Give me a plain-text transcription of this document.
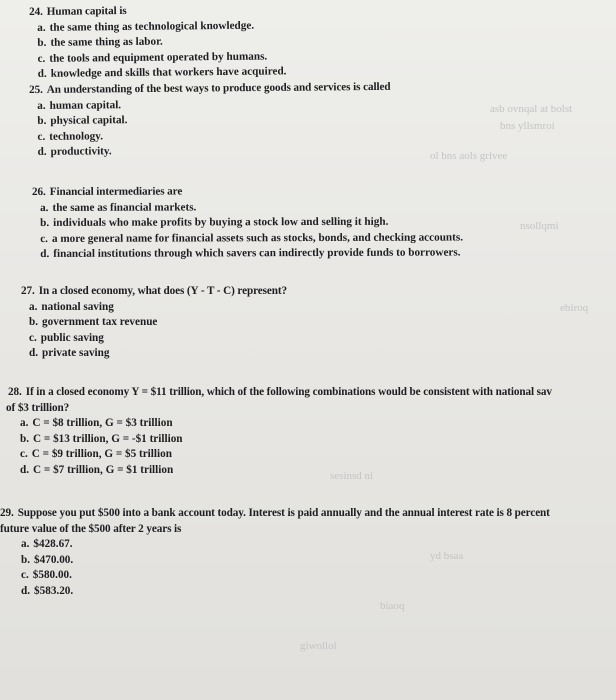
asb ovnqal at bolst
bns yllsmroi
ol bns aols grivee
nsollqmi
ebiroq
sesinsd ni
yd bsaa
biaoq
giwollol
24. Human capital is
a. the same thing as technological knowledge.
b. the same thing as labor.
c. the tools and equipment operated by humans.
d. knowledge and skills that workers have acquired.
25. An understanding of the best ways to produce goods and services is called
a. human capital.
b. physical capital.
c. technology.
d. productivity.
26. Financial intermediaries are
a. the same as financial markets.
b. individuals who make profits by buying a stock low and selling it high.
c. a more general name for financial assets such as stocks, bonds, and checking accounts.
d. financial institutions through which savers can indirectly provide funds to borrowers.
27. In a closed economy, what does (Y - T - C) represent?
a. national saving
b. government tax revenue
c. public saving
d. private saving
28. If in a closed economy Y = $11 trillion, which of the following combinations would be consistent with national sav
of $3 trillion?
a. C = $8 trillion, G = $3 trillion
b. C = $13 trillion, G = -$1 trillion
c. C = $9 trillion, G = $5 trillion
d. C = $7 trillion, G = $1 trillion
29. Suppose you put $500 into a bank account today. Interest is paid annually and the annual interest rate is 8 percent
future value of the $500 after 2 years is
a. $428.67.
b. $470.00.
c. $580.00.
d. $583.20.
